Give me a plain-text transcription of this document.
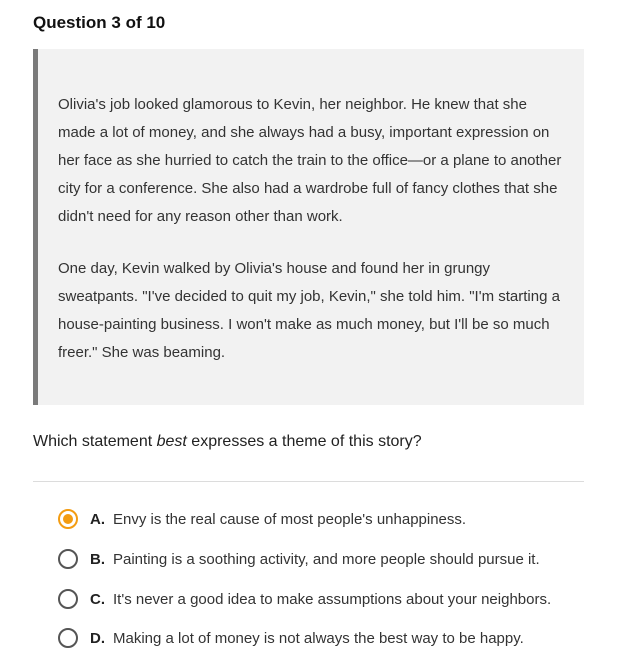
Question 3 of 10

Olivia's job looked glamorous to Kevin, her neighbor. He knew that she made a lot of money, and she always had a busy, important expression on her face as she hurried to catch the train to the office—or a plane to another city for a conference. She also had a wardrobe full of fancy clothes that she didn't need for any reason other than work.

One day, Kevin walked by Olivia's house and found her in grungy sweatpants. "I've decided to quit my job, Kevin," she told him. "I'm starting a house-painting business. I won't make as much money, but I'll be so much freer." She was beaming.

Which statement best expresses a theme of this story?
A. Envy is the real cause of most people's unhappiness.
B. Painting is a soothing activity, and more people should pursue it.
C. It's never a good idea to make assumptions about your neighbors.
D. Making a lot of money is not always the best way to be happy.
